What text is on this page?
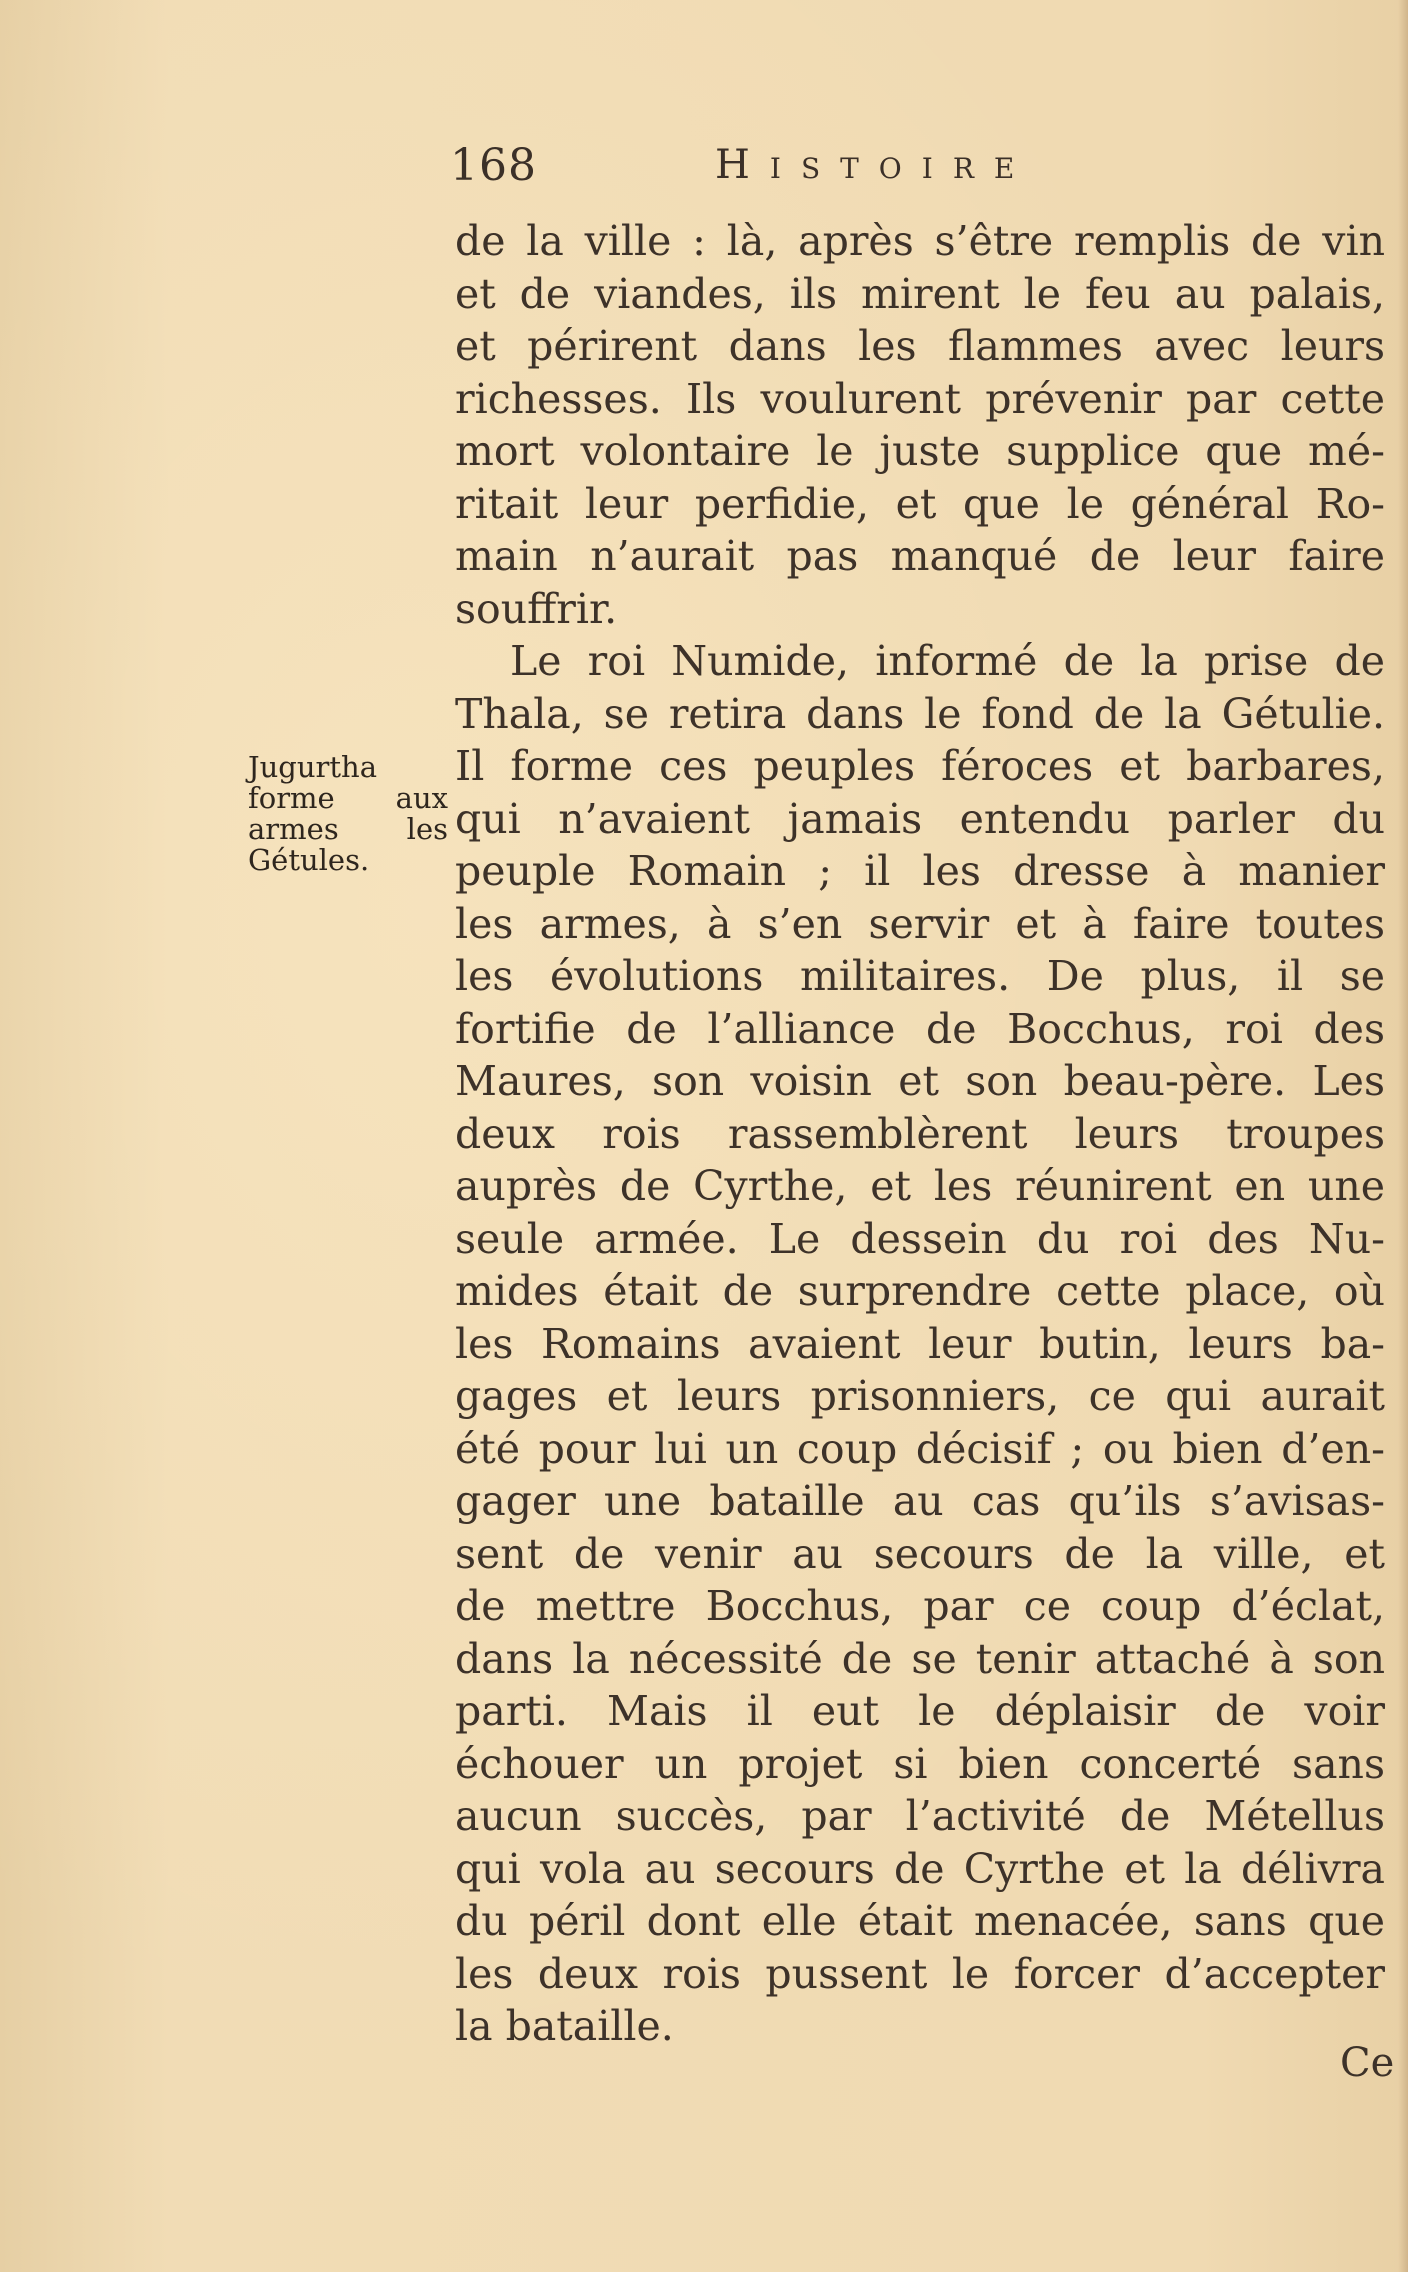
168	Histoire
Jugurtha
forme aux
armes les
Gétules.
de la ville : là, après s’être remplis de vin
et de viandes, ils mirent le feu au palais,
et périrent dans les flammes avec leurs
richesses. Ils voulurent prévenir par cette
mort volontaire le juste supplice que mé-
ritait leur perfidie, et que le général Ro-
main n’aurait pas manqué de leur faire
souffrir.
Le roi Numide, informé de la prise de
Thala, se retira dans le fond de la Gétulie.
Il forme ces peuples féroces et barbares,
qui n’avaient jamais entendu parler du
peuple Romain ; il les dresse à manier
les armes, à s’en servir et à faire toutes
les évolutions militaires. De plus, il se
fortifie de l’alliance de Bocchus, roi des
Maures, son voisin et son beau-père. Les
deux rois rassemblèrent leurs troupes
auprès de Cyrthe, et les réunirent en une
seule armée. Le dessein du roi des Nu-
mides était de surprendre cette place, où
les Romains avaient leur butin, leurs ba-
gages et leurs prisonniers, ce qui aurait
été pour lui un coup décisif ; ou bien d’en-
gager une bataille au cas qu’ils s’avisas-
sent de venir au secours de la ville, et
de mettre Bocchus, par ce coup d’éclat,
dans la nécessité de se tenir attaché à son
parti. Mais il eut le déplaisir de voir
échouer un projet si bien concerté sans
aucun succès, par l’activité de Métellus
qui vola au secours de Cyrthe et la délivra
du péril dont elle était menacée, sans que
les deux rois pussent le forcer d’accepter
la bataille.
Ce
